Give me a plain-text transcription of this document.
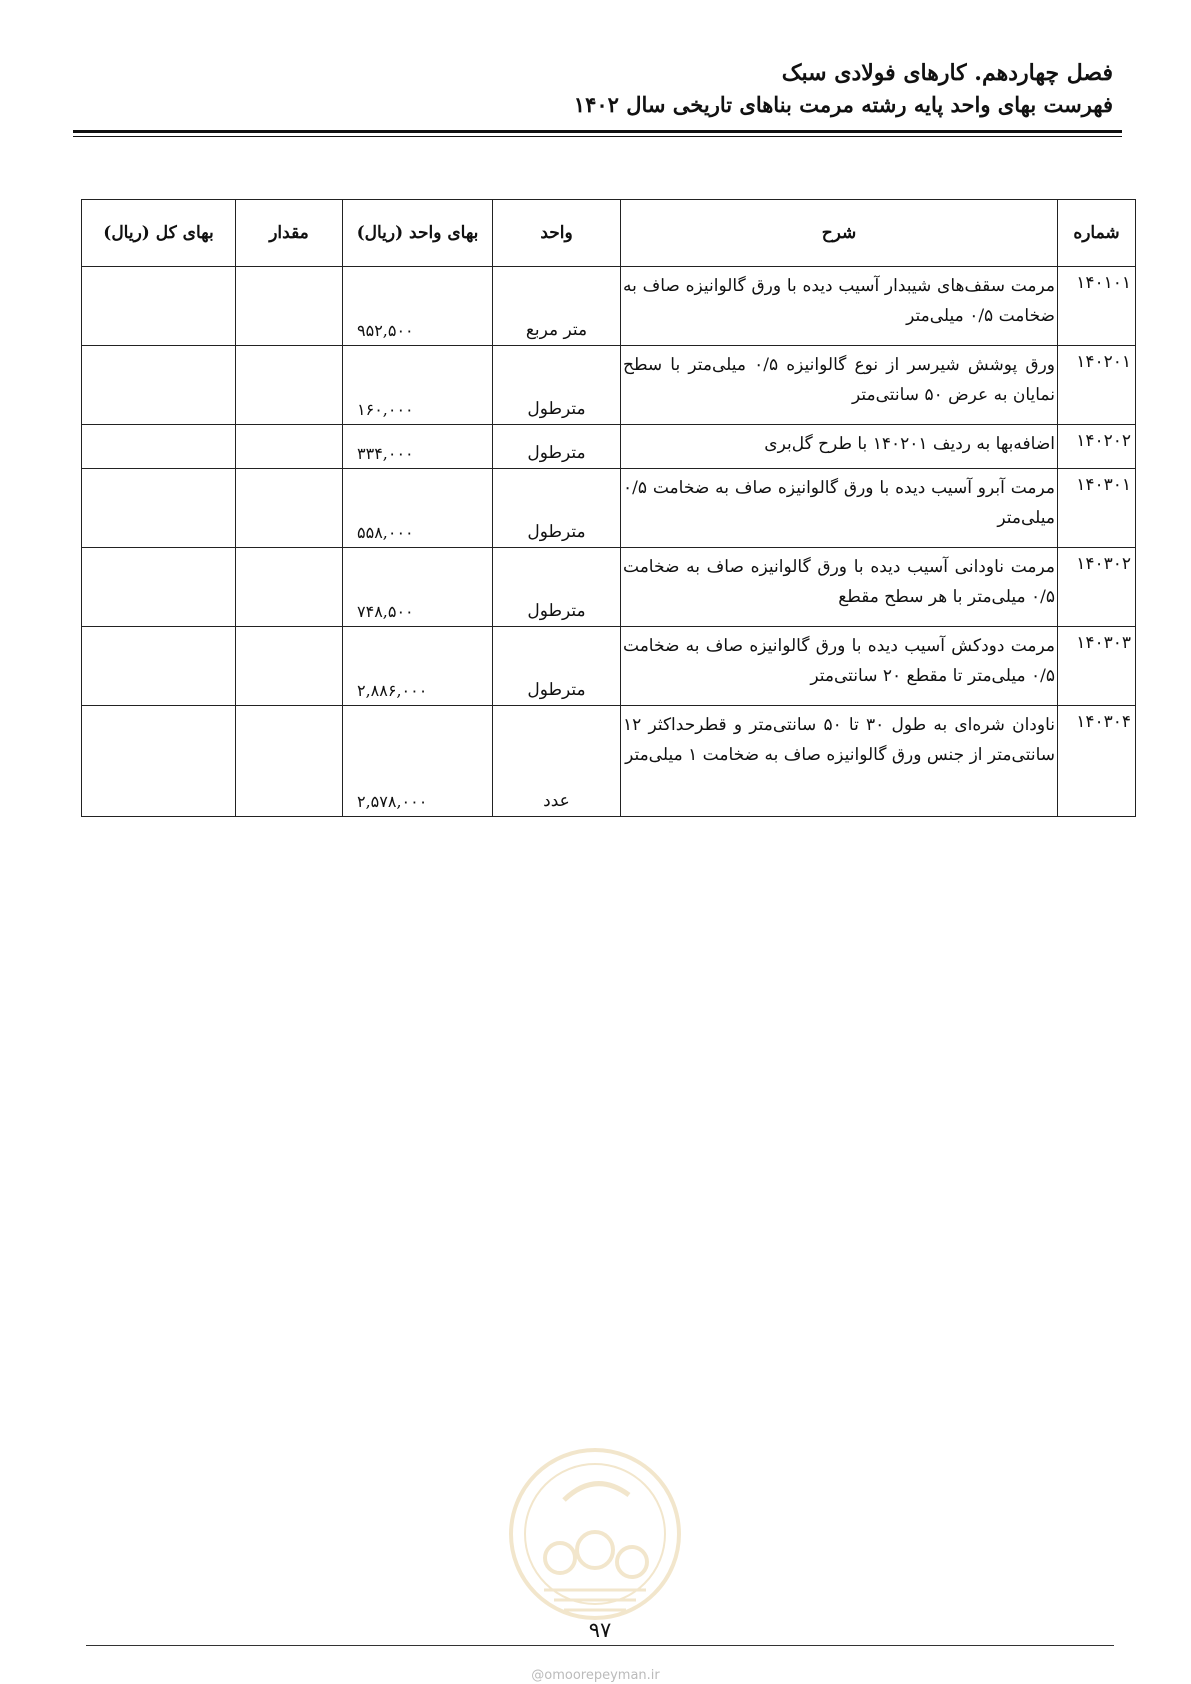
فصل چهاردهم. کارهای فولادی سبک
فهرست بهای واحد پایه رشته مرمت بناهای تاریخی سال ۱۴۰۲
شماره	شرح	واحد	بهای واحد (ریال)	مقدار	بهای کل (ریال)
۱۴۰۱۰۱	مرمت سقف‌های شیبدار آسیب دیده با ورق گالوانیزه صاف به ضخامت ۰/۵ میلی‌متر	متر مربع	۹۵۲,۵۰۰		
۱۴۰۲۰۱	ورق پوشش شیرسر از نوع گالوانیزه ۰/۵ میلی‌متر با سطح نمایان به عرض ۵۰ سانتی‌متر	مترطول	۱۶۰,۰۰۰		
۱۴۰۲۰۲	اضافه‌بها به ردیف ۱۴۰۲۰۱ با طرح گل‌بری	مترطول	۳۳۴,۰۰۰		
۱۴۰۳۰۱	مرمت آبرو آسیب دیده با ورق گالوانیزه صاف به ضخامت ۰/۵ میلی‌متر	مترطول	۵۵۸,۰۰۰		
۱۴۰۳۰۲	مرمت ناودانی آسیب دیده با ورق گالوانیزه صاف به ضخامت ۰/۵ میلی‌متر با هر سطح مقطع	مترطول	۷۴۸,۵۰۰		
۱۴۰۳۰۳	مرمت دودکش آسیب دیده با ورق گالوانیزه صاف به ضخامت ۰/۵ میلی‌متر تا مقطع ۲۰ سانتی‌متر	مترطول	۲,۸۸۶,۰۰۰		
۱۴۰۳۰۴	ناودان شره‌ای به طول ۳۰ تا ۵۰ سانتی‌متر و قطرحداکثر ۱۲ سانتی‌متر از جنس ورق گالوانیزه صاف به ضخامت ۱ میلی‌متر	عدد	۲,۵۷۸,۰۰۰		
۹۷
@omoorepeyman.ir
